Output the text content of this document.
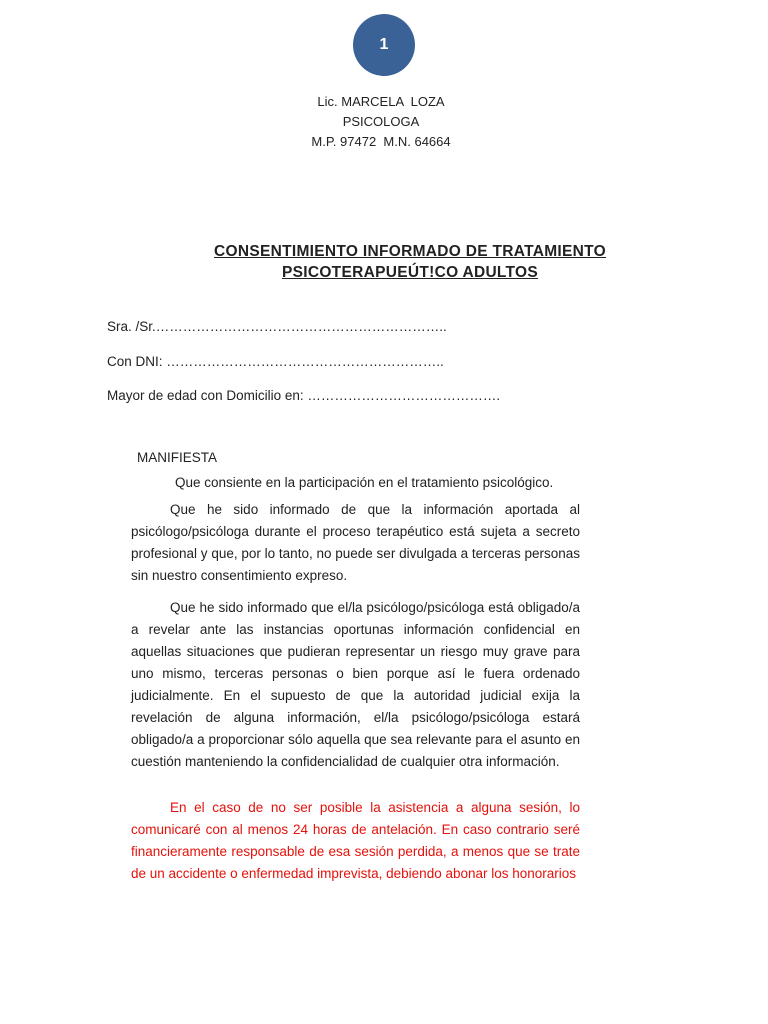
1
Lic. MARCELA  LOZA
PSICOLOGA
M.P. 97472  M.N. 64664
CONSENTIMIENTO INFORMADO DE TRATAMIENTO
PSICOTERAPUEÚT!CO ADULTOS
Sra. /Sr.………………………………………………………..
Con DNI: ……………………………………………………..
Mayor de edad con Domicilio en: …………………………………….
MANIFIESTA
Que consiente en la participación en el tratamiento psicológico.
Que he sido informado de que la información aportada al psicólogo/psicóloga durante el proceso terapéutico está sujeta a secreto profesional y que, por lo tanto, no puede ser divulgada a terceras personas sin nuestro consentimiento expreso.
Que he sido informado que el/la psicólogo/psicóloga está obligado/a a revelar ante las instancias oportunas información confidencial en aquellas situaciones que pudieran representar un riesgo muy grave para uno mismo, terceras personas o bien porque así le fuera ordenado judicialmente. En el supuesto de que la autoridad judicial exija la revelación de alguna información, el/la psicólogo/psicóloga estará obligado/a a proporcionar sólo aquella que sea relevante para el asunto en cuestión manteniendo la confidencialidad de cualquier otra información.
En el caso de no ser posible la asistencia a alguna sesión, lo comunicaré con al menos 24 horas de antelación. En caso contrario seré financieramente responsable de esa sesión perdida, a menos que se trate de un accidente o enfermedad imprevista, debiendo abonar los honorarios
